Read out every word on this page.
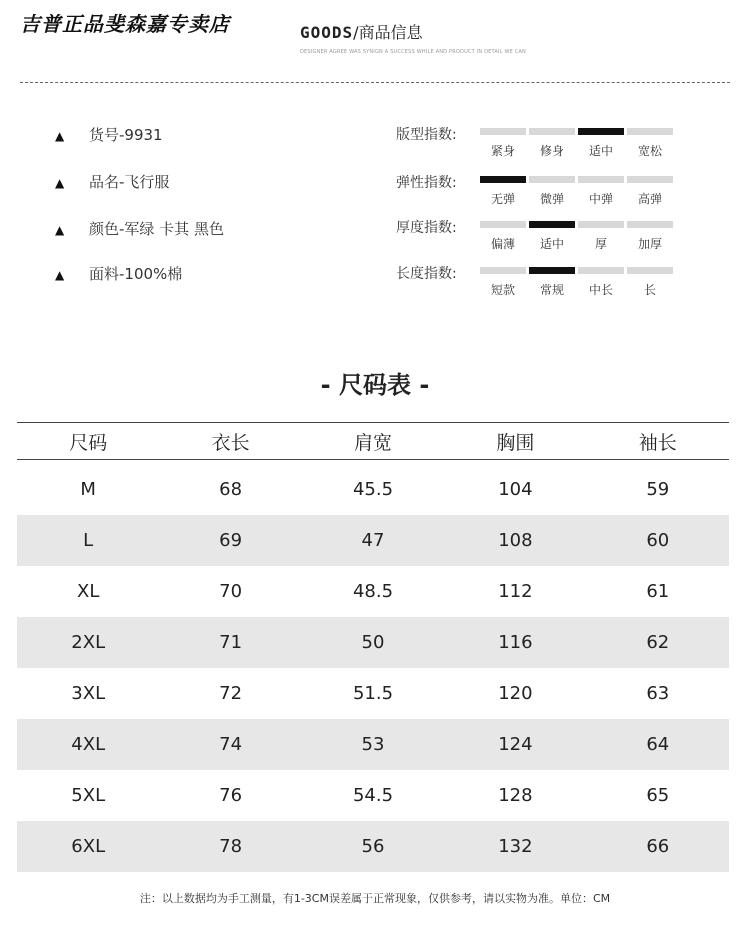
吉普正品斐森嘉专卖店	GOODS/商品信息
DESIGNER AGREE WAS SYNIGN A SUCCESS WHILE AND PRODUCT IN DETAIL WE CAN
▲ 货号-9931
▲ 品名-飞行服
▲ 颜色-军绿 卡其 黑色
▲ 面料-100%棉
版型指数:
紧身	修身	适中	宽松
弹性指数:
无弹	微弹	中弹	高弹
厚度指数:
偏薄	适中	厚	加厚
长度指数:
短款	常规	中长	长
- 尺码表 -
尺码	衣长	肩宽	胸围	袖长

M	68	45.5	104	59
L	69	47	108	60
XL	70	48.5	112	61
2XL	71	50	116	62
3XL	72	51.5	120	63
4XL	74	53	124	64
5XL	76	54.5	128	65
6XL	78	56	132	66
注：以上数据均为手工测量，有1-3CM误差属于正常现象，仅供参考，请以实物为准。单位：CM
